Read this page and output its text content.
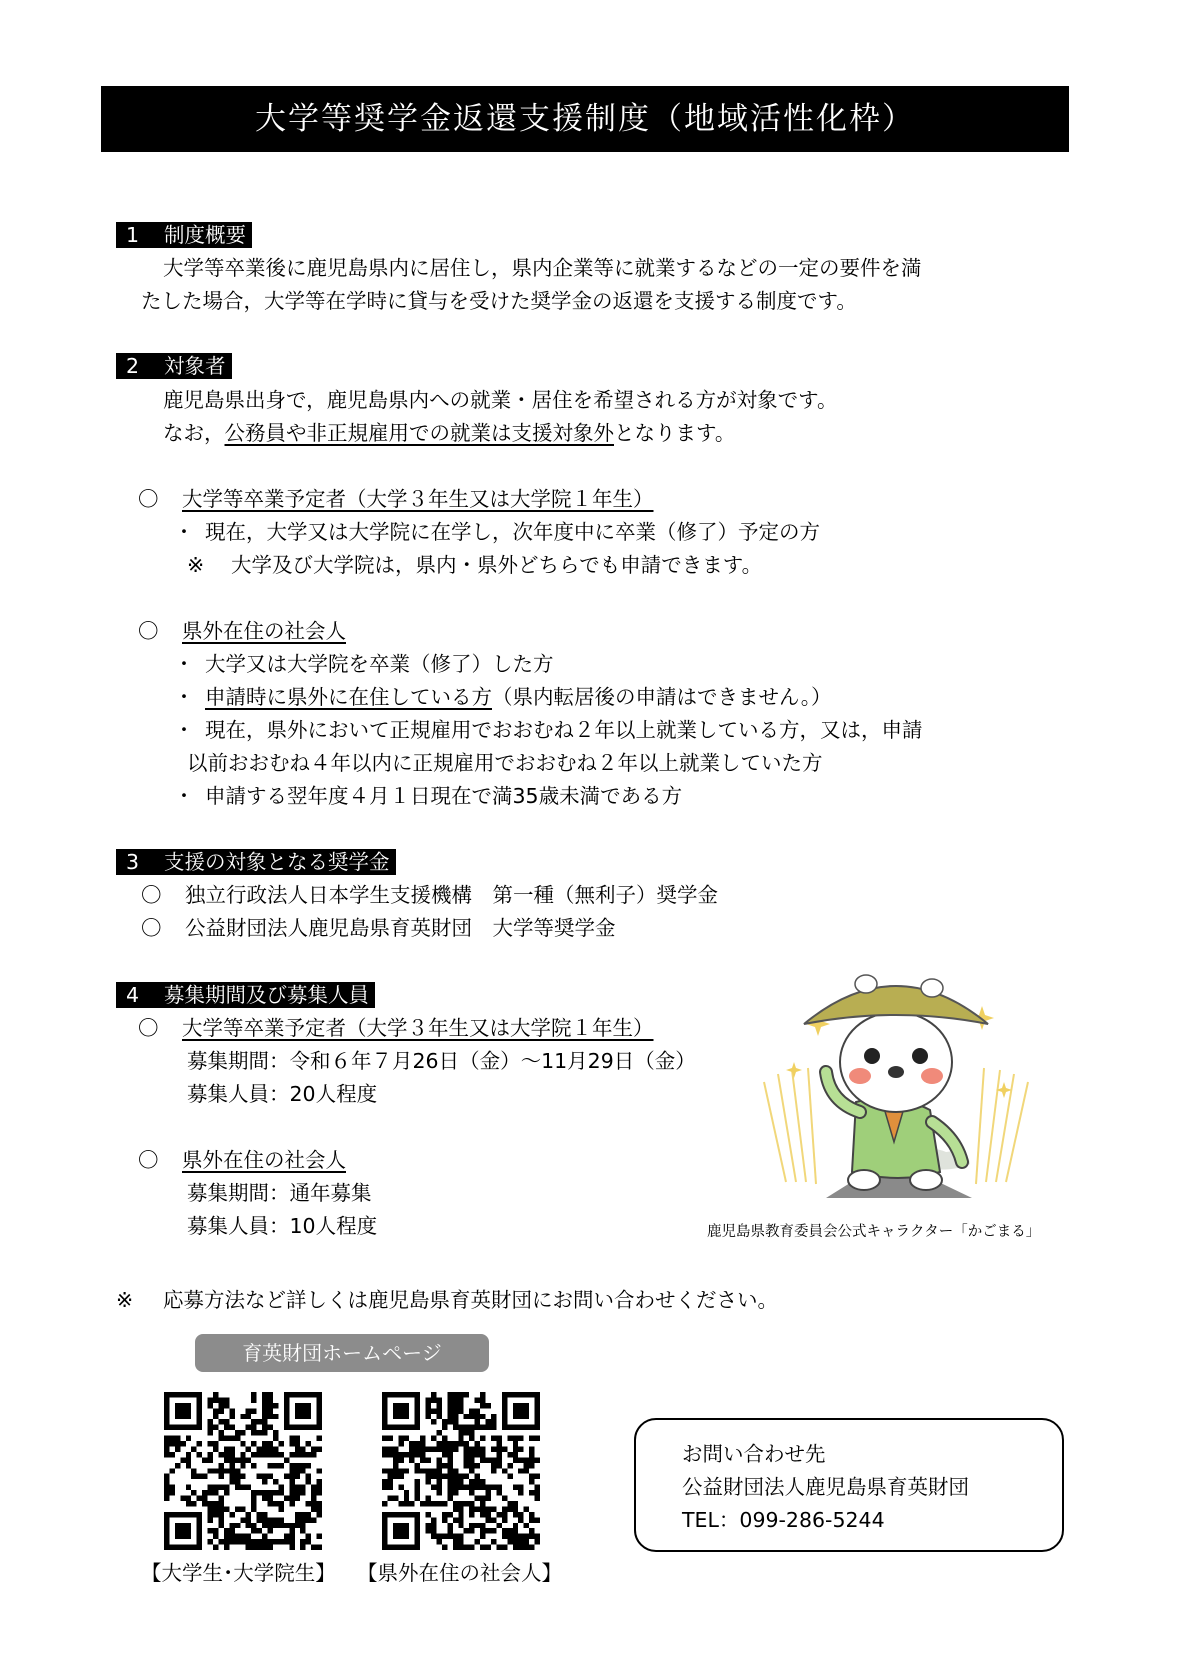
大学等奨学金返還支援制度（地域活性化枠）
1 制度概要
大学等卒業後に鹿児島県内に居住し，県内企業等に就業するなどの一定の要件を満
たした場合，大学等在学時に貸与を受けた奨学金の返還を支援する制度です。
2 対象者
鹿児島県出身で，鹿児島県内への就業・居住を希望される方が対象です。
なお，公務員や非正規雇用での就業は支援対象外となります。
〇 大学等卒業予定者（大学３年生又は大学院１年生）
・ 現在，大学又は大学院に在学し，次年度中に卒業（修了）予定の方
※ 大学及び大学院は，県内・県外どちらでも申請できます。
〇 県外在住の社会人
・ 大学又は大学院を卒業（修了）した方
・ 申請時に県外に在住している方（県内転居後の申請はできません。）
・ 現在，県外において正規雇用でおおむね２年以上就業している方，又は，申請
以前おおむね４年以内に正規雇用でおおむね２年以上就業していた方
・ 申請する翌年度４月１日現在で満35歳未満である方
3 支援の対象となる奨学金
〇 独立行政法人日本学生支援機構　第一種（無利子）奨学金
〇 公益財団法人鹿児島県育英財団　大学等奨学金
4 募集期間及び募集人員
〇 大学等卒業予定者（大学３年生又は大学院１年生）
募集期間：令和６年７月26日（金）～11月29日（金）
募集人員：20人程度
〇 県外在住の社会人
募集期間：通年募集
募集人員：10人程度	鹿児島県教育委員会公式キャラクター「かごまる」
※ 応募方法など詳しくは鹿児島県育英財団にお問い合わせください。
育英財団ホームページ
【大学生･大学院生】 【県外在住の社会人】
お問い合わせ先
公益財団法人鹿児島県育英財団
TEL：099-286-5244
